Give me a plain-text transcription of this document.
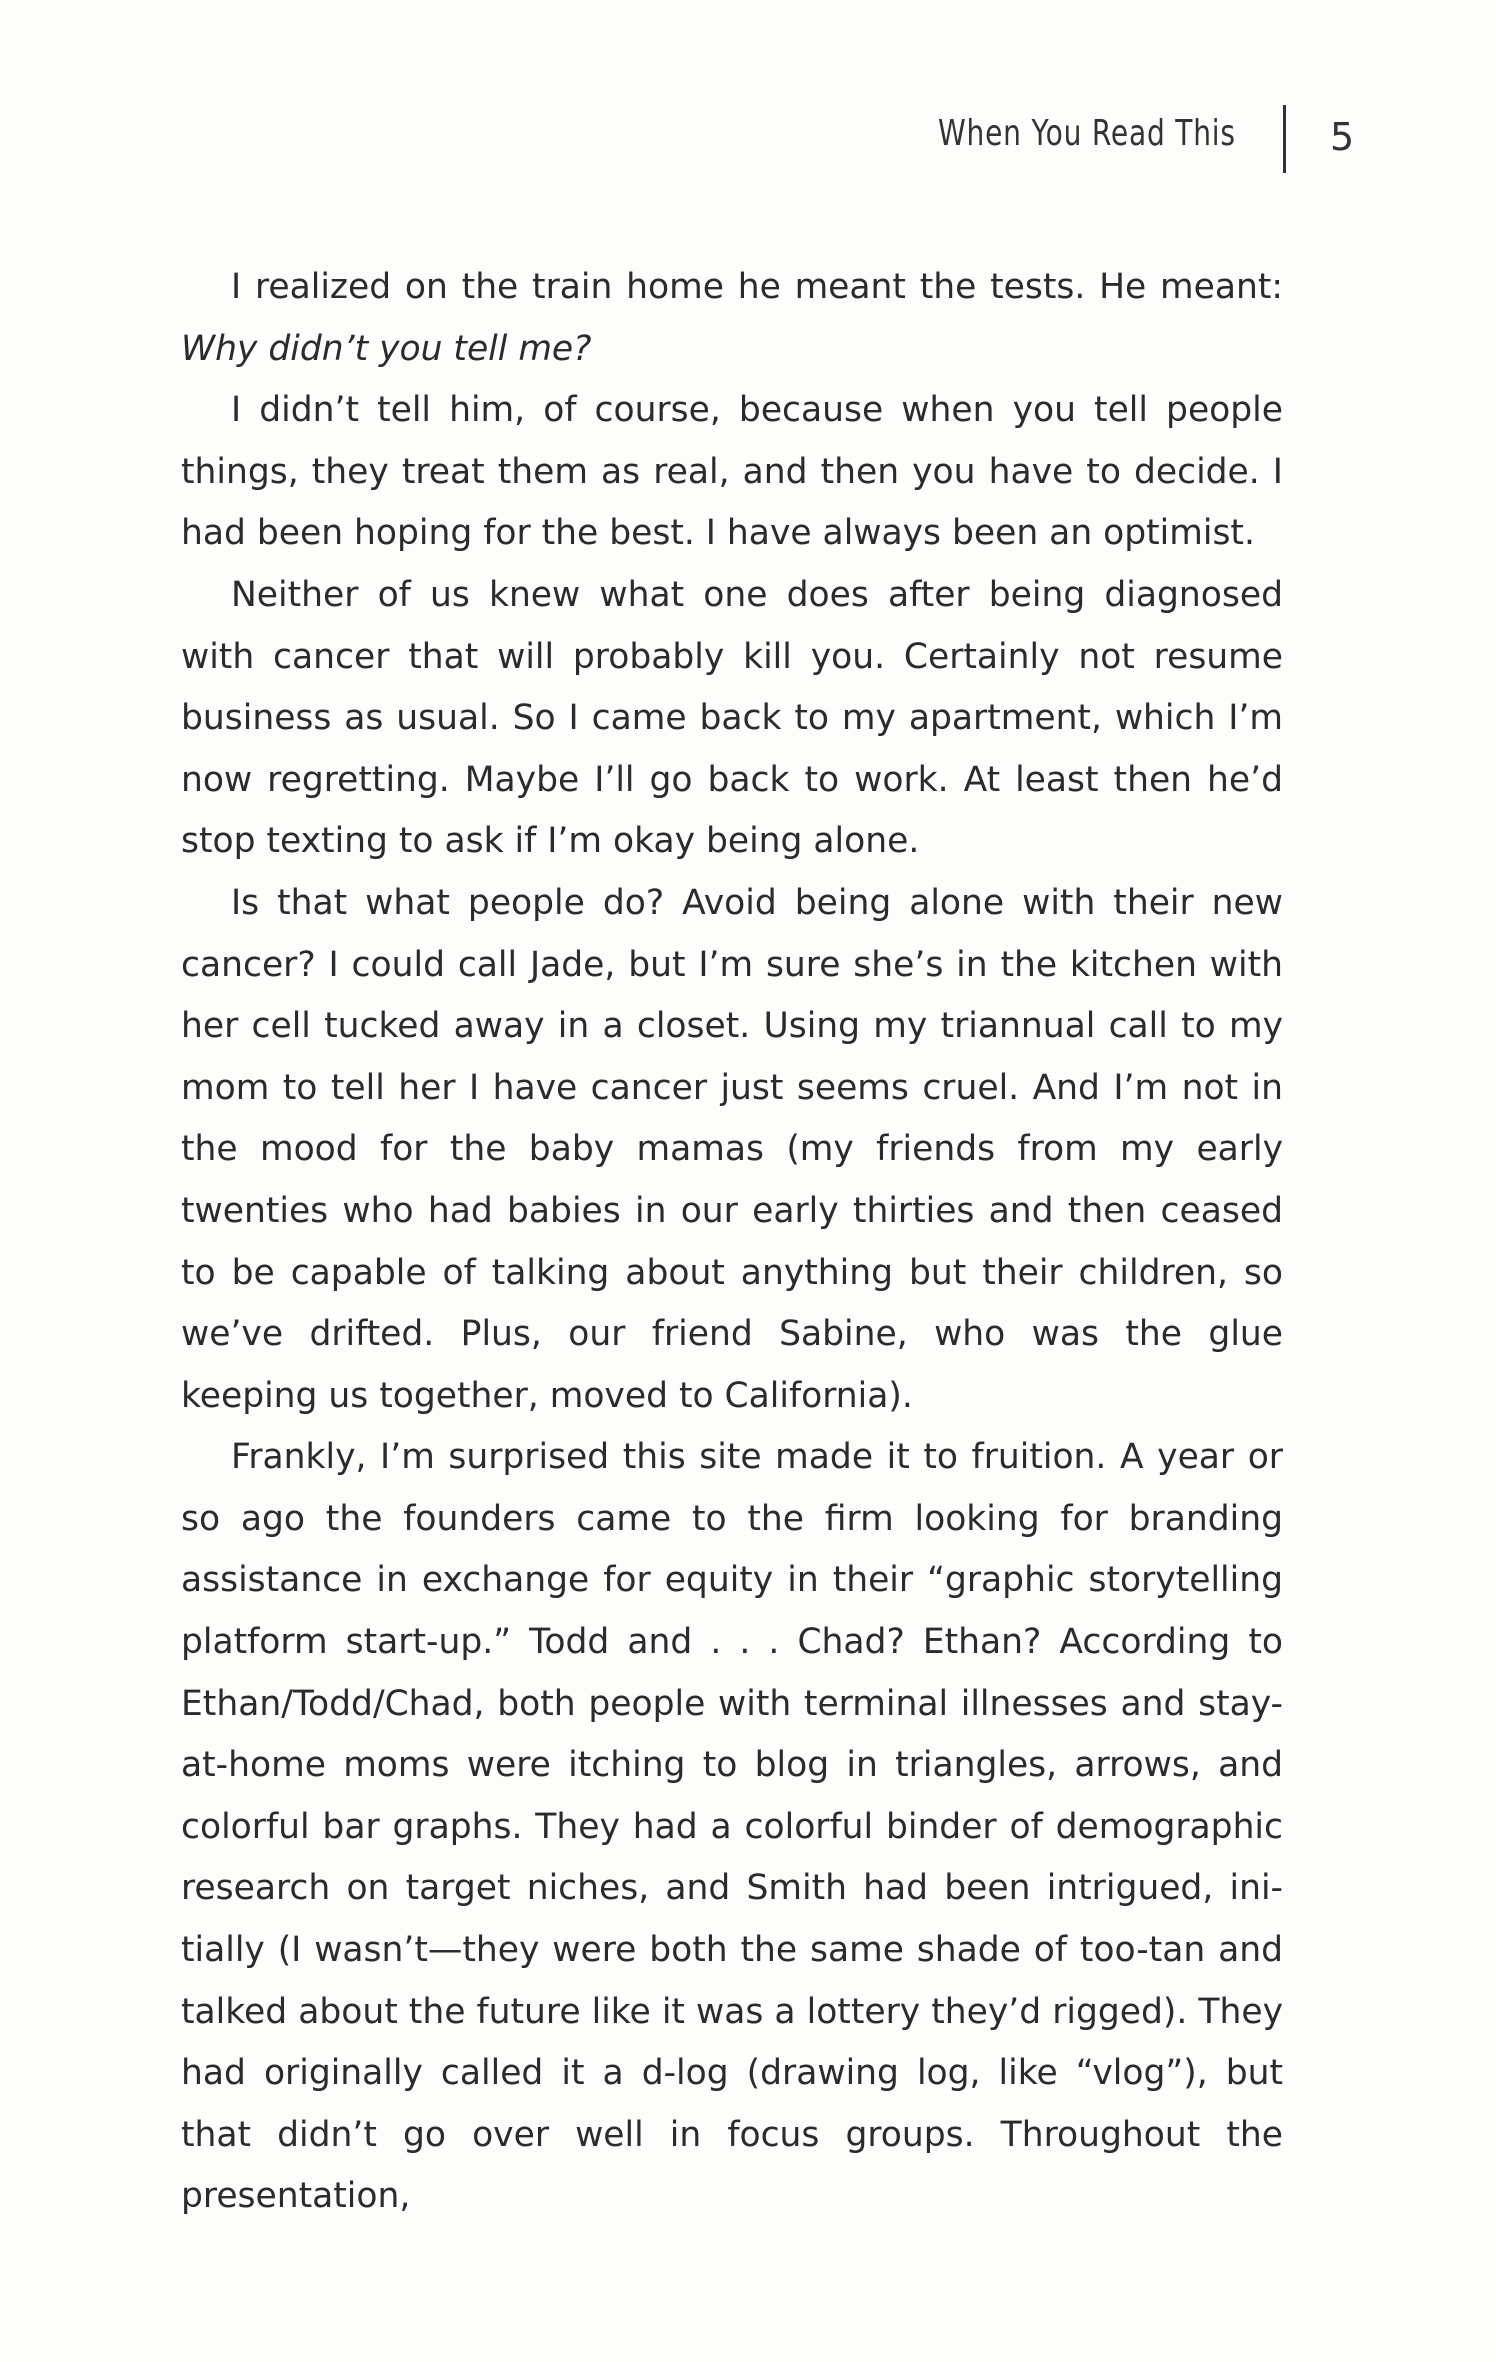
When You Read This 5

I realized on the train home he meant the tests. He meant: Why didn’t you tell me?

I didn’t tell him, of course, because when you tell people things, they treat them as real, and then you have to decide. I had been hoping for the best. I have always been an optimist.

Neither of us knew what one does after being diagnosed with cancer that will probably kill you. Certainly not resume business as usual. So I came back to my apartment, which I’m now regretting. Maybe I’ll go back to work. At least then he’d stop texting to ask if I’m okay being alone.

Is that what people do? Avoid being alone with their new cancer? I could call Jade, but I’m sure she’s in the kitchen with her cell tucked away in a closet. Using my triannual call to my mom to tell her I have cancer just seems cruel. And I’m not in the mood for the baby mamas (my friends from my early twenties who had babies in our early thirties and then ceased to be capable of talking about anything but their children, so we’ve drifted. Plus, our friend Sabine, who was the glue keeping us together, moved to California).

Frankly, I’m surprised this site made it to fruition. A year or so ago the founders came to the firm looking for branding assistance in exchange for equity in their “graphic storytelling platform start-up.” Todd and . . . Chad? Ethan? According to Ethan/Todd/Chad, both people with terminal illnesses and stay-at-home moms were itching to blog in triangles, arrows, and colorful bar graphs. They had a colorful binder of demographic research on target niches, and Smith had been intrigued, initially (I wasn’t—they were both the same shade of too-tan and talked about the future like it was a lottery they’d rigged). They had originally called it a d-log (drawing log, like “vlog”), but that didn’t go over well in focus groups. Throughout the presentation,
